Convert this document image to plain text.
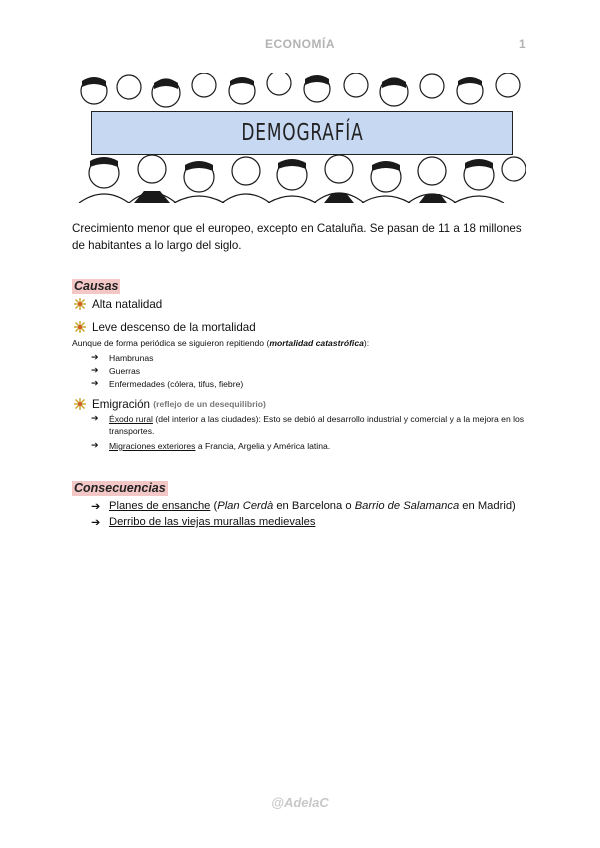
ECONOMÍA	1
DEMOGRAFÍA
Crecimiento menor que el europeo, excepto en Cataluña. Se pasan de 11 a 18 millones de habitantes a lo largo del siglo.
Causas
Alta natalidad
Leve descenso de la mortalidad
Aunque de forma periódica se siguieron repitiendo (mortalidad catastrófica):
➔	Hambrunas
➔	Guerras
➔	Enfermedades (cólera, tifus, fiebre)
Emigración
(reflejo de un desequilibrio)
➔	Éxodo rural (del interior a las ciudades): Esto se debió al desarrollo industrial y comercial y a la mejora en los transportes.
➔	Migraciones exteriores a Francia, Argelia y América latina.
Consecuencias
➔ Planes de ensanche (Plan Cerdà en Barcelona o Barrio de Salamanca en Madrid)
➔ Derribo de las viejas murallas medievales
@AdelaC
